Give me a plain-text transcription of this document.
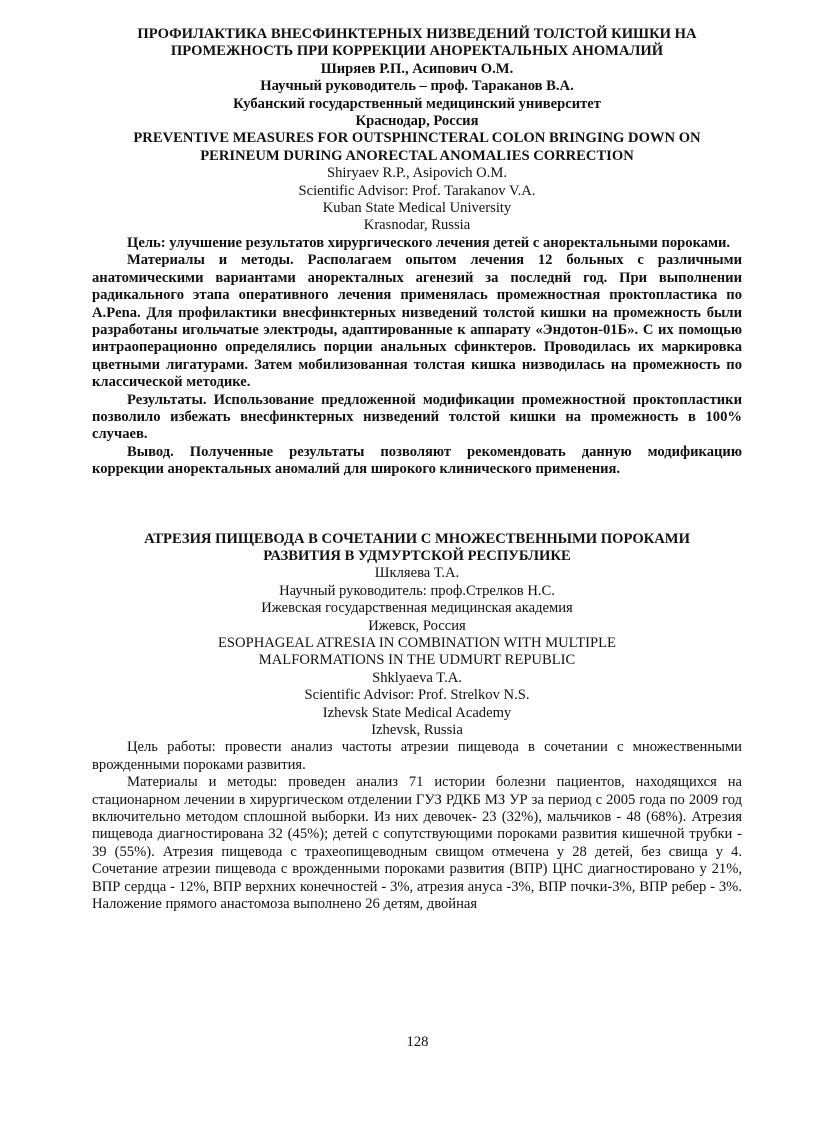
ПРОФИЛАКТИКА ВНЕСФИНКТЕРНЫХ НИЗВЕДЕНИЙ ТОЛСТОЙ КИШКИ НА ПРОМЕЖНОСТЬ ПРИ КОРРЕКЦИИ АНОРЕКТАЛЬНЫХ АНОМАЛИЙ

Ширяев Р.П., Асипович О.М.

Научный руководитель – проф. Тараканов В.А.

Кубанский государственный медицинский университет

Краснодар, Россия

PREVENTIVE MEASURES FOR OUTSPHINCTERAL COLON BRINGING DOWN ON PERINEUM DURING ANORECTAL ANOMALIES CORRECTION

Shiryaev R.P., Asipovich O.M.

Scientific Advisor: Prof. Tarakanov V.A.

Kuban State Medical University

Krasnodar, Russia

Цель: улучшение результатов хирургического лечения детей с аноректальными пороками.

Материалы и методы. Располагаем опытом лечения 12 больных с различными анатомическими вариантами аноректалных агенезий за последнй год. При выполнении радикального этапа оперативного лечения применялась промежностная проктопластика по A.Pena. Для профилактики внесфинктерных низведений толстой кишки на промежность были разработаны игольчатые электроды, адаптированные к аппарату «Эндотон-01Б». С их помощью интраоперационно определялись порции анальных сфинктеров. Проводилась их маркировка цветными лигатурами. Затем мобилизованная толстая кишка низводилась на промежность по классической методике.

Результаты. Использование предложенной модификации промежностной проктопластики позволило избежать внесфинктерных низведений толстой кишки на промежность в 100% случаев.

Вывод. Полученные результаты позволяют рекомендовать данную модификацию коррекции аноректальных аномалий для широкого клинического применения.

АТРЕЗИЯ ПИЩЕВОДА В СОЧЕТАНИИ С МНОЖЕСТВЕННЫМИ ПОРОКАМИ

РАЗВИТИЯ В УДМУРТСКОЙ РЕСПУБЛИКЕ

Шкляева Т.А.

Научный руководитель: проф.Стрелков Н.С.

Ижевская государственная медицинская академия

Ижевск, Россия

ESOPHAGEAL ATRESIA IN COMBINATION WITH MULTIPLE

MALFORMATIONS IN THE UDMURT REPUBLIC

Shklyaeva T.A.

Scientific Advisor: Prof. Strelkov N.S.

Izhevsk State Medical Academy

Izhevsk, Russia

Цель работы: провести анализ частоты атрезии пищевода в сочетании с множественными врожденными пороками развития.

Материалы и методы: проведен анализ 71 истории болезни пациентов, находящихся на стационарном лечении в хирургическом отделении ГУЗ РДКБ МЗ УР за период с 2005 года по 2009 год включительно методом сплошной выборки. Из них девочек- 23 (32%), мальчиков - 48 (68%). Атрезия пищевода диагностирована 32 (45%); детей с сопутствующими пороками развития кишечной трубки - 39 (55%). Атрезия пищевода с трахеопищеводным свищом отмечена у 28 детей, без свища у 4. Сочетание атрезии пищевода с врожденными пороками развития (ВПР) ЦНС диагностировано у 21%, ВПР сердца - 12%, ВПР верхних конечностей - 3%, атрезия ануса -3%, ВПР почки-3%, ВПР ребер - 3%. Наложение прямого анастомоза выполнено 26 детям, двойная

128
